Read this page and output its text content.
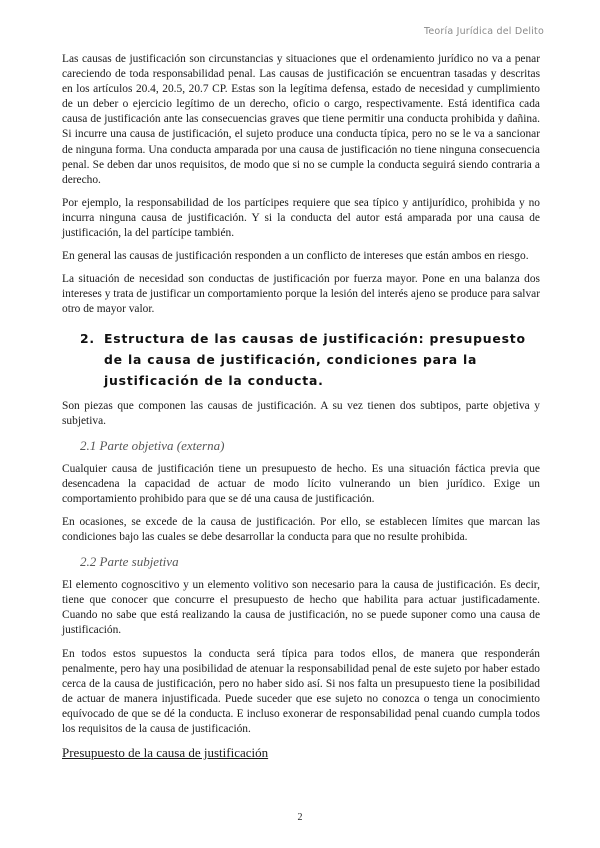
Teoría Jurídica del Delito

Las causas de justificación son circunstancias y situaciones que el ordenamiento jurídico no va a penar careciendo de toda responsabilidad penal. Las causas de justificación se encuentran tasadas y descritas en los artículos 20.4, 20.5, 20.7 CP. Estas son la legítima defensa, estado de necesidad y cumplimiento de un deber o ejercicio legítimo de un derecho, oficio o cargo, respectivamente. Está identifica cada causa de justificación ante las consecuencias graves que tiene permitir una conducta prohibida y dañina. Si incurre una causa de justificación, el sujeto produce una conducta típica, pero no se le va a sancionar de ninguna forma. Una conducta amparada por una causa de justificación no tiene ninguna consecuencia penal. Se deben dar unos requisitos, de modo que si no se cumple la conducta seguirá siendo contraria a derecho.

Por ejemplo, la responsabilidad de los partícipes requiere que sea típico y antijurídico, prohibida y no incurra ninguna causa de justificación. Y si la conducta del autor está amparada por una causa de justificación, la del partícipe también.

En general las causas de justificación responden a un conflicto de intereses que están ambos en riesgo.

La situación de necesidad son conductas de justificación por fuerza mayor. Pone en una balanza dos intereses y trata de justificar un comportamiento porque la lesión del interés ajeno se produce para salvar otro de mayor valor.

2. Estructura de las causas de justificación: presupuesto de la causa de justificación, condiciones para la justificación de la conducta.

Son piezas que componen las causas de justificación. A su vez tienen dos subtipos, parte objetiva y subjetiva.

2.1 Parte objetiva (externa)

Cualquier causa de justificación tiene un presupuesto de hecho. Es una situación fáctica previa que desencadena la capacidad de actuar de modo lícito vulnerando un bien jurídico. Exige un comportamiento prohibido para que se dé una causa de justificación.

En ocasiones, se excede de la causa de justificación. Por ello, se establecen límites que marcan las condiciones bajo las cuales se debe desarrollar la conducta para que no resulte prohibida.

2.2 Parte subjetiva

El elemento cognoscitivo y un elemento volitivo son necesario para la causa de justificación. Es decir, tiene que conocer que concurre el presupuesto de hecho que habilita para actuar justificadamente. Cuando no sabe que está realizando la causa de justificación, no se puede suponer como una causa de justificación.

En todos estos supuestos la conducta será típica para todos ellos, de manera que responderán penalmente, pero hay una posibilidad de atenuar la responsabilidad penal de este sujeto por haber estado cerca de la causa de justificación, pero no haber sido así. Si nos falta un presupuesto tiene la posibilidad de actuar de manera injustificada. Puede suceder que ese sujeto no conozca o tenga un conocimiento equívocado de que se dé la conducta. E incluso exonerar de responsabilidad penal cuando cumpla todos los requisitos de la causa de justificación.

Presupuesto de la causa de justificación
2
